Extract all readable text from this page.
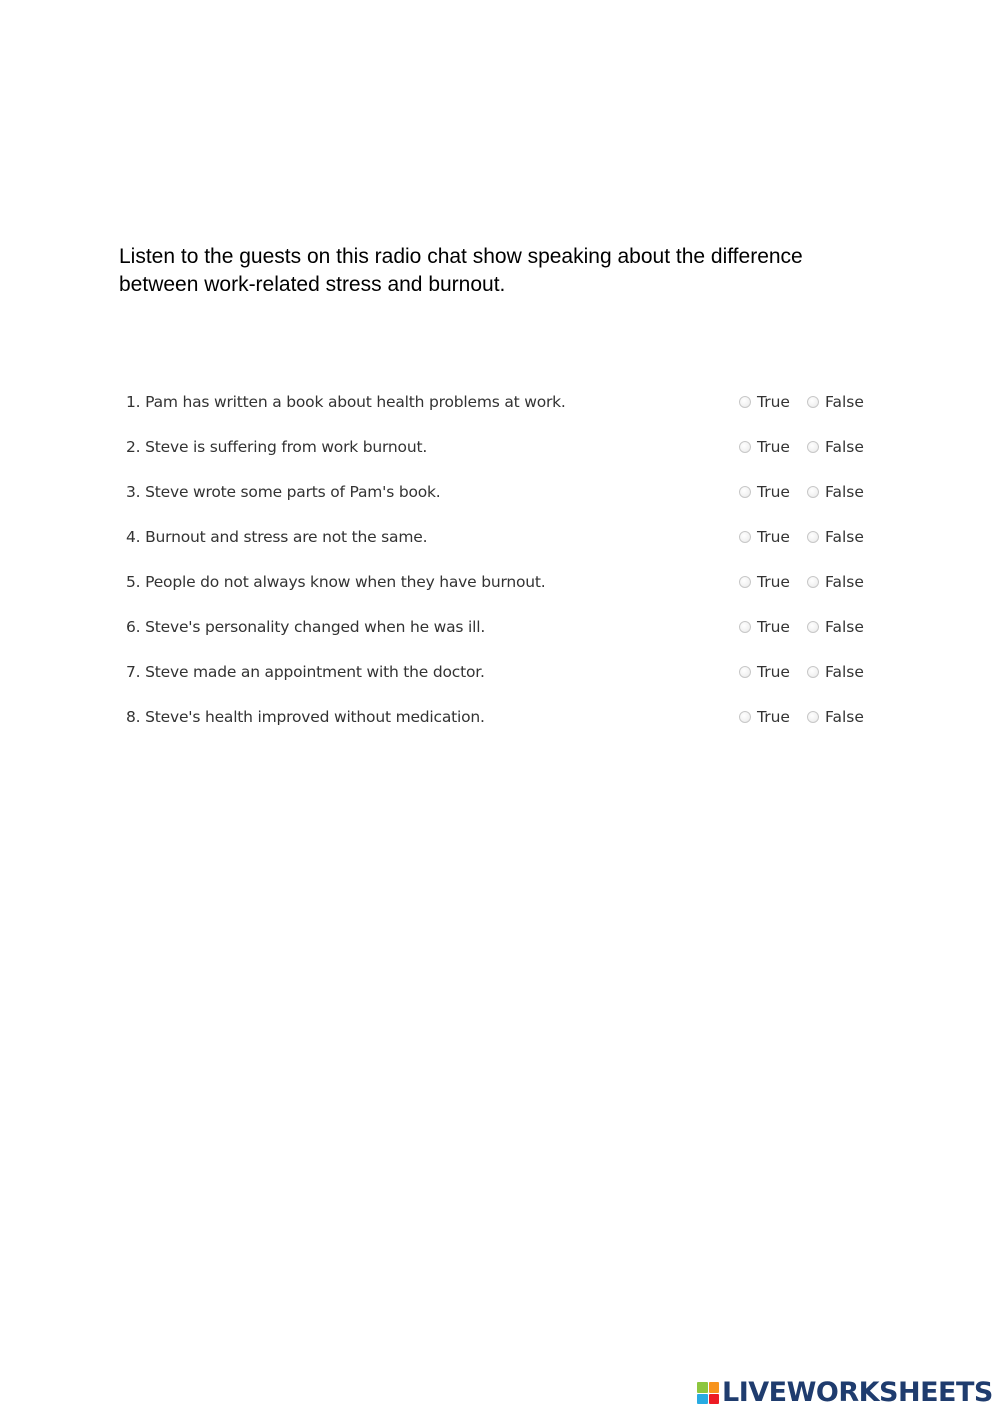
Listen to the guests on this radio chat show speaking about the difference between work-related stress and burnout.

1. Pam has written a book about health problems at work.	True False
2. Steve is suffering from work burnout.	True False
3. Steve wrote some parts of Pam's book.	True False
4. Burnout and stress are not the same.	True False
5. People do not always know when they have burnout.	True False
6. Steve's personality changed when he was ill.	True False
7. Steve made an appointment with the doctor.	True False
8. Steve's health improved without medication.	True False
LIVEWORKSHEETS
